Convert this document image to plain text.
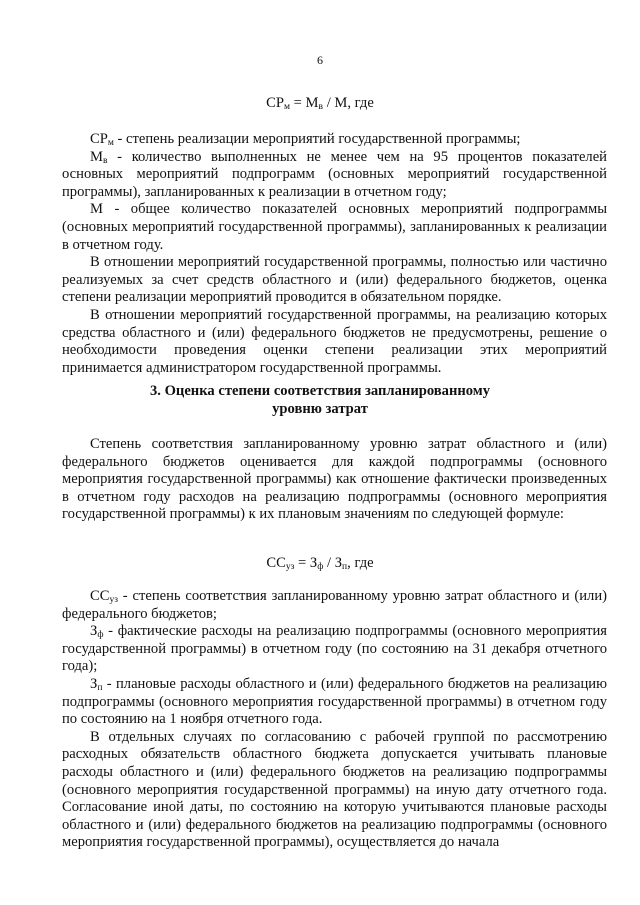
6
$СР_м = М_в / М$, где

$СР_м$ - степень реализации мероприятий государственной программы;

$М_в$ - количество выполненных не менее чем на 95 процентов показателей основных мероприятий подпрограмм (основных мероприятий государственной программы), запланированных к реализации в отчетном году;

М - общее количество показателей основных мероприятий подпрограммы (основных мероприятий государственной программы), запланированных к реализации в отчетном году.

В отношении мероприятий государственной программы, полностью или частично реализуемых за счет средств областного и (или) федерального бюджетов, оценка степени реализации мероприятий проводится в обязательном порядке.

В отношении мероприятий государственной программы, на реализацию которых средства областного и (или) федерального бюджетов не предусмотрены, решение о необходимости проведения оценки степени реализации этих мероприятий принимается администратором государственной программы.

3. Оценка степени соответствия запланированному
уровню затрат

Степень соответствия запланированному уровню затрат областного и (или) федерального бюджетов оценивается для каждой подпрограммы (основного мероприятия государственной программы) как отношение фактически произведенных в отчетном году расходов на реализацию подпрограммы (основного мероприятия государственной программы) к их плановым значениям по следующей формуле:

$СС_{уз} = З_ф / З_п$, где

$СС_{уз}$ - степень соответствия запланированному уровню затрат областного и (или) федерального бюджетов;

$З_ф$ - фактические расходы на реализацию подпрограммы (основного мероприятия государственной программы) в отчетном году (по состоянию на 31 декабря отчетного года);

$З_п$ - плановые расходы областного и (или) федерального бюджетов на реализацию подпрограммы (основного мероприятия государственной программы) в отчетном году по состоянию на 1 ноября отчетного года.

В отдельных случаях по согласованию с рабочей группой по рассмотрению расходных обязательств областного бюджета допускается учитывать плановые расходы областного и (или) федерального бюджетов на реализацию подпрограммы (основного мероприятия государственной программы) на иную дату отчетного года. Согласование иной даты, по состоянию на которую учитываются плановые расходы областного и (или) федерального бюджетов на реализацию подпрограммы (основного мероприятия государственной программы), осуществляется до начала
